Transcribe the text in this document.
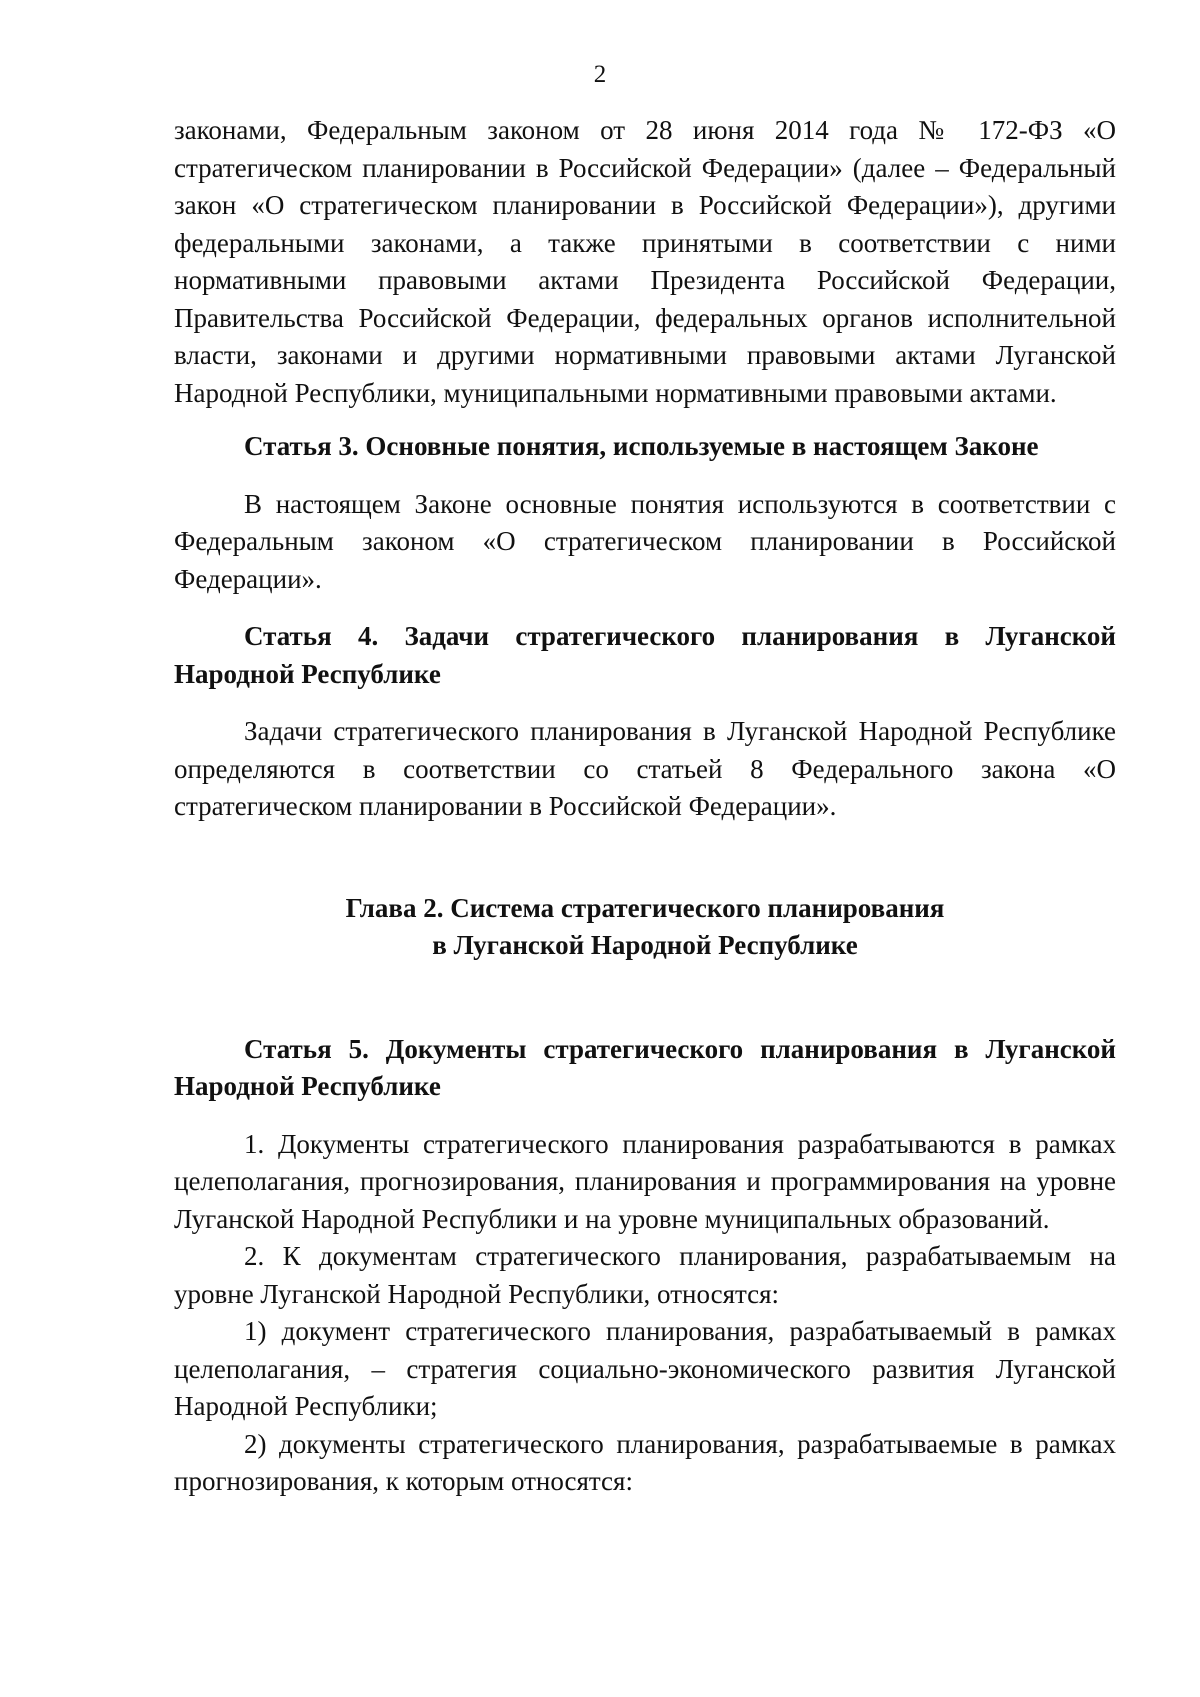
2

законами, Федеральным законом от 28 июня 2014 года № 172-ФЗ «О стратегическом планировании в Российской Федерации» (далее – Федеральный закон «О стратегическом планировании в Российской Федерации»), другими федеральными законами, а также принятыми в соответствии с ними нормативными правовыми актами Президента Российской Федерации, Правительства Российской Федерации, федеральных органов исполнительной власти, законами и другими нормативными правовыми актами Луганской Народной Республики, муниципальными нормативными правовыми актами.

Статья 3. Основные понятия, используемые в настоящем Законе

В настоящем Законе основные понятия используются в соответствии с Федеральным законом «О стратегическом планировании в Российской Федерации».

Статья 4. Задачи стратегического планирования в Луганской Народной Республике

Задачи стратегического планирования в Луганской Народной Республике определяются в соответствии со статьей 8 Федерального закона «О стратегическом планировании в Российской Федерации».

Глава 2. Система стратегического планирования

в Луганской Народной Республике

Статья 5. Документы стратегического планирования в Луганской Народной Республике

1. Документы стратегического планирования разрабатываются в рамках целеполагания, прогнозирования, планирования и программирования на уровне Луганской Народной Республики и на уровне муниципальных образований.

2. К документам стратегического планирования, разрабатываемым на уровне Луганской Народной Республики, относятся:

1) документ стратегического планирования, разрабатываемый в рамках целеполагания, – стратегия социально-экономического развития Луганской Народной Республики;

2) документы стратегического планирования, разрабатываемые в рамках прогнозирования, к которым относятся:
